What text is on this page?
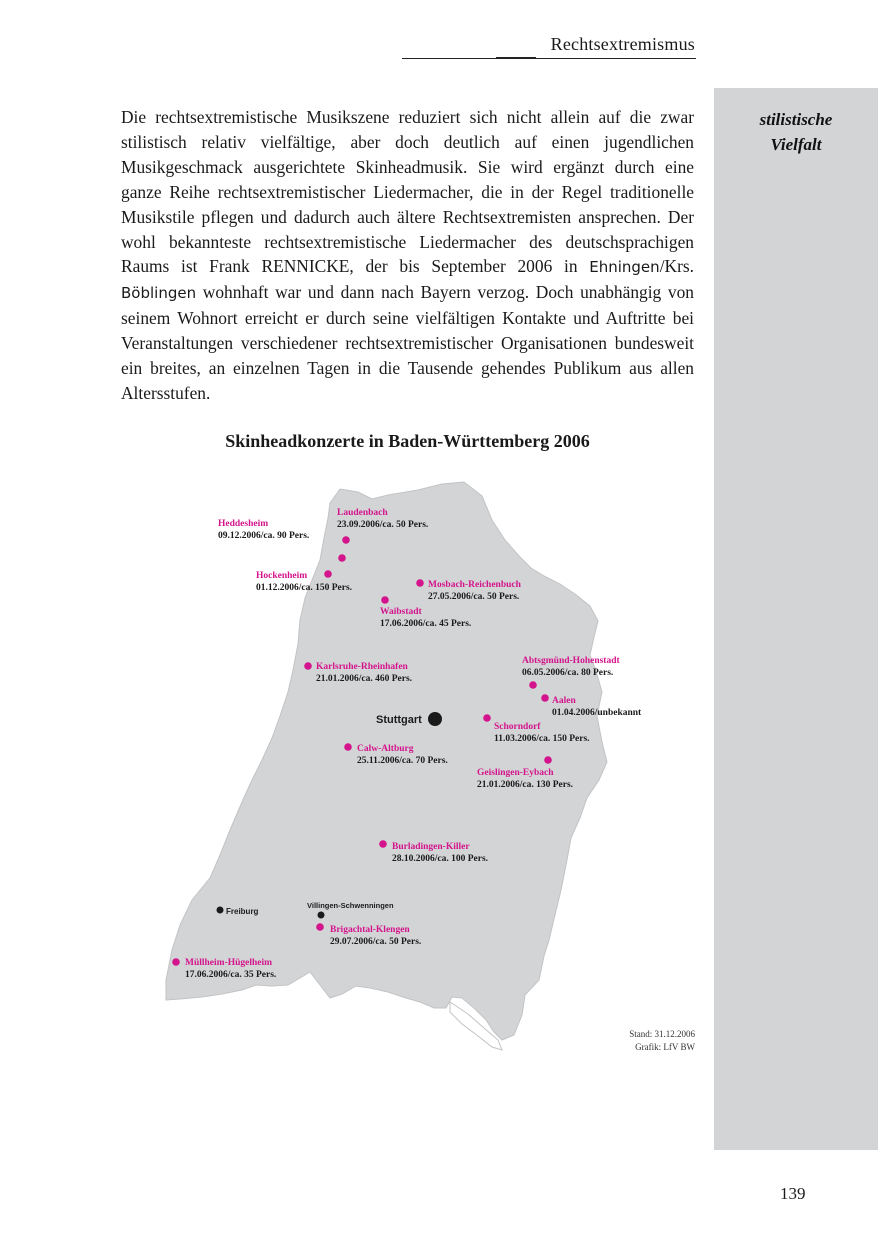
Rechtsextremismus
stilistische
Vielfalt

Die rechtsextremistische Musikszene reduziert sich nicht allein auf die zwar stilistisch relativ vielfältige, aber doch deutlich auf einen jugendlichen Musikgeschmack ausgerichtete Skinheadmusik. Sie wird ergänzt durch eine ganze Reihe rechtsextremistischer Liedermacher, die in der Regel traditionelle Musikstile pflegen und dadurch auch ältere Rechtsextremisten ansprechen. Der wohl bekannteste rechtsextremistische Liedermacher des deutschsprachigen Raums ist Frank RENNICKE, der bis September 2006 in Ehningen/Krs. Böblingen wohnhaft war und dann nach Bayern verzog. Doch unabhängig von seinem Wohnort erreicht er durch seine vielfältigen Kontakte und Auftritte bei Veranstaltungen verschiedener rechtsextremistischer Organisationen bundesweit ein breites, an einzelnen Tagen in die Tausende gehendes Publikum aus allen Altersstufen.

Skinheadkonzerte in Baden-Württemberg 2006
Stuttgart
Freiburg
Villingen-Schwenningen
Laudenbach 23.09.2006/ca. 50 Pers.
Heddesheim 09.12.2006/ca. 90 Pers.
Hockenheim 01.12.2006/ca. 150 Pers.	Mosbach-Reichenbuch 27.05.2006/ca. 50 Pers.
Waibstadt 17.06.2006/ca. 45 Pers.
Abtsgmünd-Hohenstadt 06.05.2006/ca. 80 Pers.
Karlsruhe-Rheinhafen 21.01.2006/ca. 460 Pers.
Aalen 01.04.2006/unbekannt
Schorndorf 11.03.2006/ca. 150 Pers.
Calw-Altburg 25.11.2006/ca. 70 Pers.
Geislingen-Eybach 21.01.2006/ca. 130 Pers.
Burladingen-Killer 28.10.2006/ca. 100 Pers.
Brigachtal-Klengen 29.07.2006/ca. 50 Pers.
Müllheim-Hügelheim 17.06.2006/ca. 35 Pers.
Stand: 31.12.2006
Grafik: LfV BW
139
